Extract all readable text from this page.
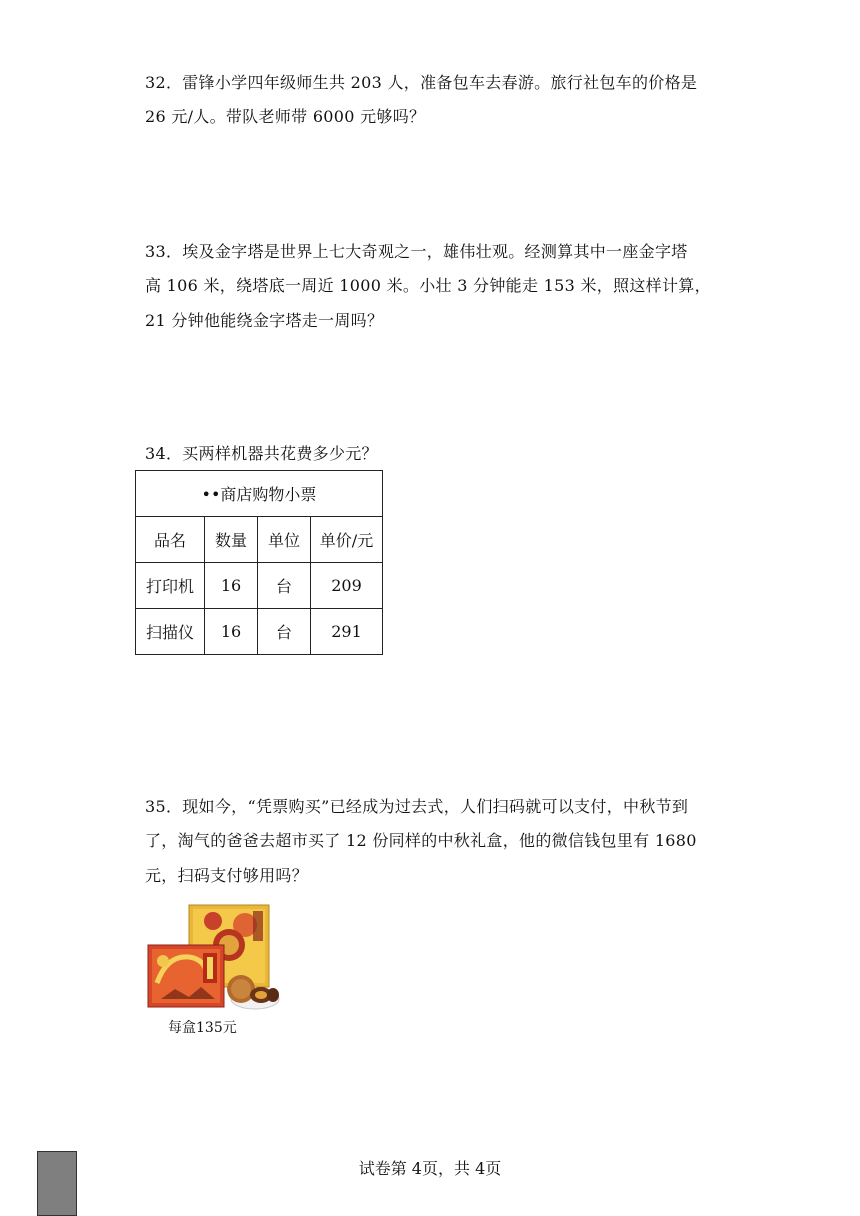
32．雷锋小学四年级师生共 203 人，准备包车去春游。旅行社包车的价格是
26 元/人。带队老师带 6000 元够吗？
33．埃及金字塔是世界上七大奇观之一，雄伟壮观。经测算其中一座金字塔
高 106 米，绕塔底一周近 1000 米。小壮 3 分钟能走 153 米，照这样计算，
21 分钟他能绕金字塔走一周吗？
34．买两样机器共花费多少元？
••商店购物小票			
品名	数量	单位	单价/元
打印机	16	台	209
扫描仪	16	台	291
35．现如今，“凭票购买”已经成为过去式，人们扫码就可以支付，中秋节到
了，淘气的爸爸去超市买了 12 份同样的中秋礼盒，他的微信钱包里有 1680
元，扫码支付够用吗？
每盒135元
试卷第 4页，共 4页
